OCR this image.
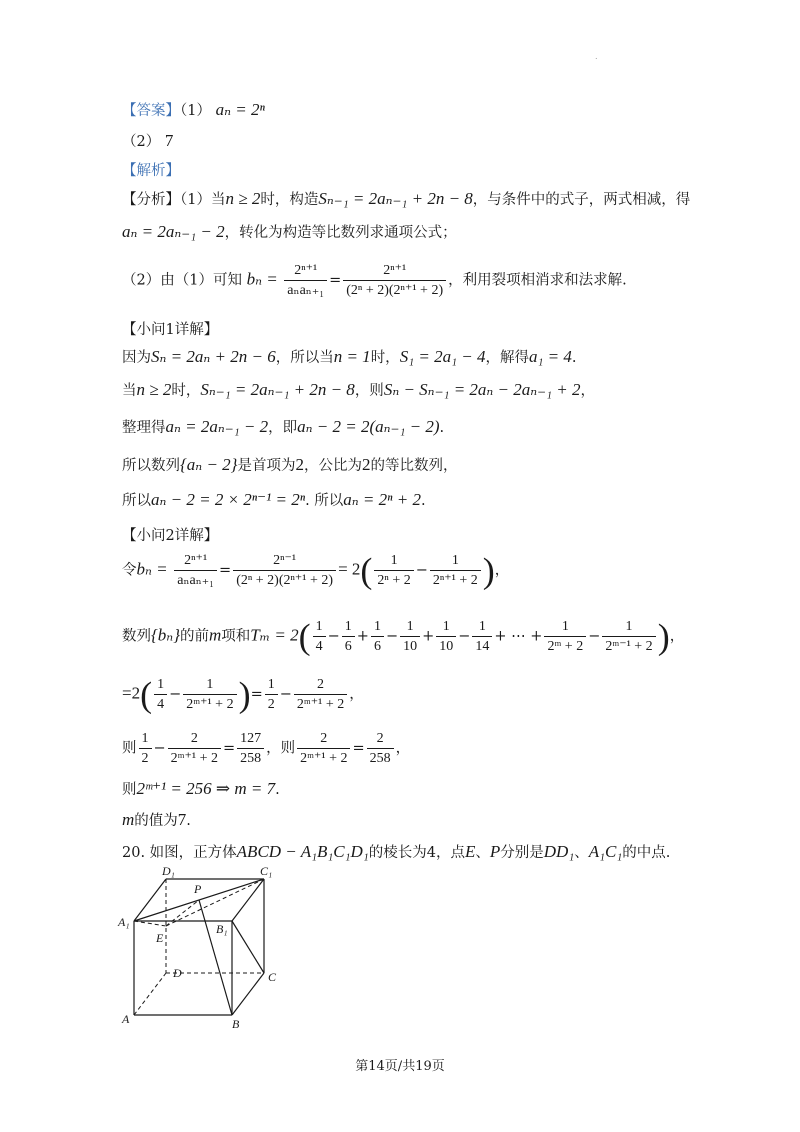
.
【答案】（1） aₙ = 2ⁿ
（2） 7
【解析】
【分析】（1）当n ≥ 2时，构造Sₙ₋₁ = 2aₙ₋₁ + 2n − 8，与条件中的式子，两式相减，得
aₙ = 2aₙ₋₁ − 2，转化为构造等比数列求通项公式；
（2）由（1）可知 $b_n = \frac{\text{2ⁿ⁺¹}}{\text{aₙaₙ₊₁}} = \frac{\text{2ⁿ⁺¹}}{\text{(2ⁿ + 2)(2ⁿ⁺¹ + 2)}}$ ，利用裂项相消求和法求解.
【小问1详解】
因为Sₙ = 2aₙ + 2n − 6，所以当n = 1时，S₁ = 2a₁ − 4，解得a₁ = 4.
当n ≥ 2时，Sₙ₋₁ = 2aₙ₋₁ + 2n − 8，则Sₙ − Sₙ₋₁ = 2aₙ − 2aₙ₋₁ + 2，
整理得aₙ = 2aₙ₋₁ − 2，即aₙ − 2 = 2(aₙ₋₁ − 2).
所以数列{aₙ − 2}是首项为2，公比为2的等比数列，
所以aₙ − 2 = 2 × 2ⁿ⁻¹ = 2ⁿ. 所以aₙ = 2ⁿ + 2.
【小问2详解】
令$b_n = \frac{\text{2ⁿ⁺¹}}{\text{aₙaₙ₊₁}} = \frac{\text{2ⁿ⁻¹}}{\text{(2ⁿ + 2)(2ⁿ⁺¹ + 2)}} = 2( \frac{1}{\text{2ⁿ + 2}} - \frac{1}{\text{2ⁿ⁺¹ + 2}}$ )，
数列{bₙ}的前m项和$T_m = 2( \frac{1}{4} - \frac{1}{6} + \frac{1}{6} - \frac{1}{10} + \frac{1}{10} - \frac{1}{14}$ + ⋯ + $\frac{1}{\text{2ᵐ + 2}} - \frac{1}{\text{2ᵐ⁻¹ + 2}}$ )，
$=2( \frac{1}{4} - \frac{1}{\text{2ᵐ⁺¹ + 2}}$ )= $\frac{1}{2} - \frac{2}{\text{2ᵐ⁺¹ + 2}}$ ，
则 $\frac{1}{2} - \frac{2}{\text{2ᵐ⁺¹ + 2}} = \frac{127}{258}$ ，则 $\frac{2}{\text{2ᵐ⁺¹ + 2}} = \frac{2}{258}$ ，
则2ᵐ⁺¹ = 256 ⇒ m = 7.
m的值为7.
20. 如图，正方体ABCD − A₁B₁C₁D₁的棱长为4，点E、P分别是DD₁、A₁C₁的中点.
D₁	C₁
P
A₁
E
B₁
D	C
A	B
第14页/共19页
